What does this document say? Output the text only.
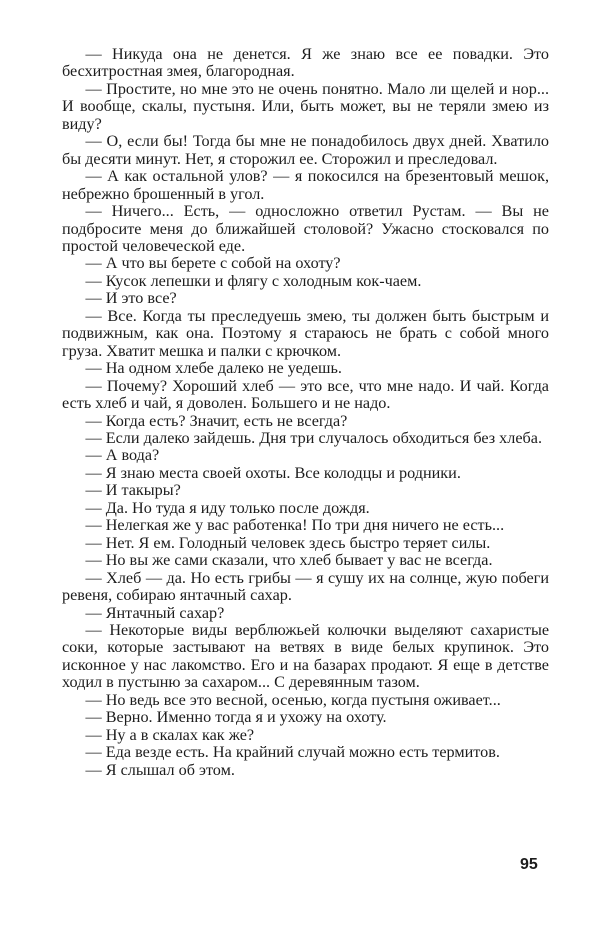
— Никуда она не денется. Я же знаю все ее повадки. Это бесхитростная змея, благородная.

— Простите, но мне это не очень понятно. Мало ли щелей и нор... И вообще, скалы, пустыня. Или, быть может, вы не теряли змею из виду?

— О, если бы! Тогда бы мне не понадобилось двух дней. Хватило бы десяти минут. Нет, я сторожил ее. Сторожил и преследовал.

— А как остальной улов? — я покосился на брезентовый мешок, небрежно брошенный в угол.

— Ничего... Есть, — односложно ответил Рустам. — Вы не подбросите меня до ближайшей столовой? Ужасно стосковался по простой человеческой еде.

— А что вы берете с собой на охоту?

— Кусок лепешки и флягу с холодным кок-чаем.

— И это все?

— Все. Когда ты преследуешь змею, ты должен быть быстрым и подвижным, как она. Поэтому я стараюсь не брать с собой много груза. Хватит мешка и палки с крючком.

— На одном хлебе далеко не уедешь.

— Почему? Хороший хлеб — это все, что мне надо. И чай. Когда есть хлеб и чай, я доволен. Большего и не надо.

— Когда есть? Значит, есть не всегда?

— Если далеко зайдешь. Дня три случалось обходиться без хлеба.

— А вода?

— Я знаю места своей охоты. Все колодцы и родники.

— И такыры?

— Да. Но туда я иду только после дождя.

— Нелегкая же у вас работенка! По три дня ничего не есть...

— Нет. Я ем. Голодный человек здесь быстро теряет силы.

— Но вы же сами сказали, что хлеб бывает у вас не всегда.

— Хлеб — да. Но есть грибы — я сушу их на солнце, жую побеги ревеня, собираю янтачный сахар.

— Янтачный сахар?

— Некоторые виды верблюжьей колючки выделяют сахаристые соки, которые застывают на ветвях в виде белых крупинок. Это исконное у нас лакомство. Его и на базарах продают. Я еще в детстве ходил в пустыню за сахаром... С деревянным тазом.

— Но ведь все это весной, осенью, когда пустыня оживает...

— Верно. Именно тогда я и ухожу на охоту.

— Ну а в скалах как же?

— Еда везде есть. На крайний случай можно есть термитов.

— Я слышал об этом.

95
